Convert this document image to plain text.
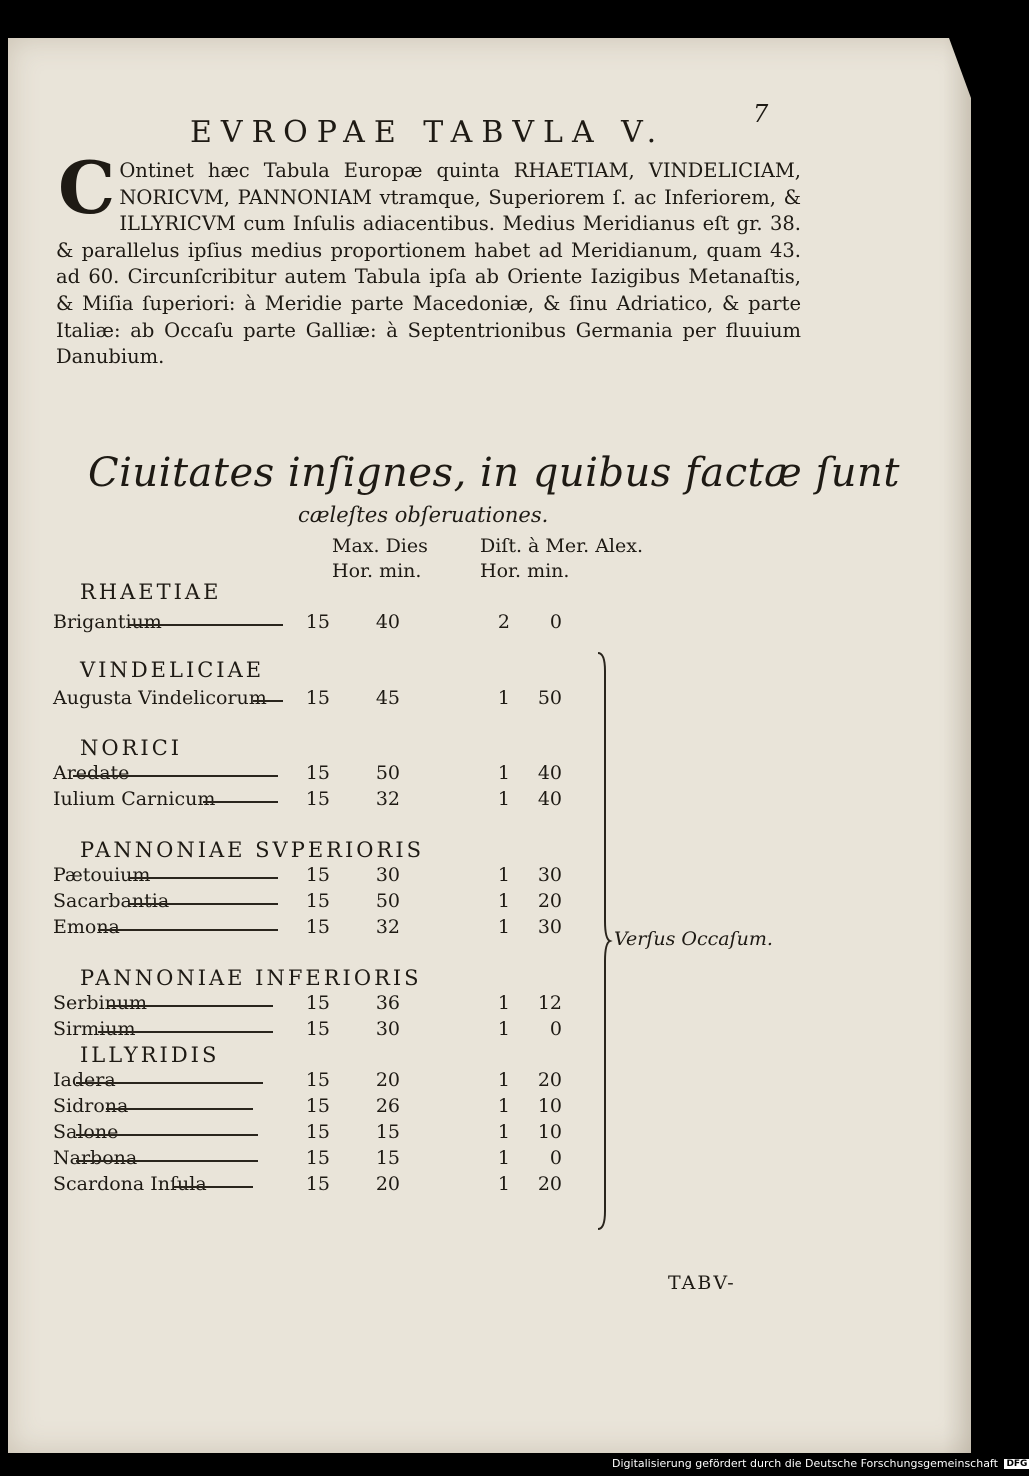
7
EVROPAE TABVLA V.
C Ontinet hæc Tabula Europæ quinta RHAETIAM, VINDELICIAM, NORICVM, PANNONIAM vtramque, Superiorem ſ. ac Inferiorem, & ILLYRICVM cum Inſulis adiacentibus. Medius Meridianus eſt gr. 38. & parallelus ipſius medius proportionem habet ad Meridianum, quam 43. ad 60. Circunſcribitur autem Tabula ipſa ab Oriente Iazigibus Metanaſtis, & Miſia ſuperiori: à Meridie parte Macedoniæ, & ſinu Adriatico, & parte Italiæ: ab Occaſu parte Galliæ: à Septentrionibus Germania per fluuium Danubium.
Ciuitates inſignes, in quibus factæ ſunt
cæleſtes obſeruationes.
Max. Dies
Hor. min.
Diſt. à Mer. Alex.
Hor. min.
RHAETIAE
VINDELICIAE
NORICI
PANNONIAE SVPERIORIS
PANNONIAE INFERIORIS
ILLYRIDIS
Brigantium	15	40	2	0
Augusta Vindelicorum	15	45	1	50
Aredate	15	50	1	40
Iulium Carnicum	15	32	1	40
Pætouium	15	30	1	30
Sacarbantia	15	50	1	20
Emona	15	32	1	30
Serbinum	15	36	1	12
Sirmium	15	30	1	0
Iadera	15	20	1	20
Sidrona	15	26	1	10
Salone	15	15	1	10
Narbona	15	15	1	0
Scardona Inſula	15	20	1	20
Verſus Occaſum.
TABV-
Digitalisierung gefördert durch die Deutsche Forschungsgemeinschaft DFG
